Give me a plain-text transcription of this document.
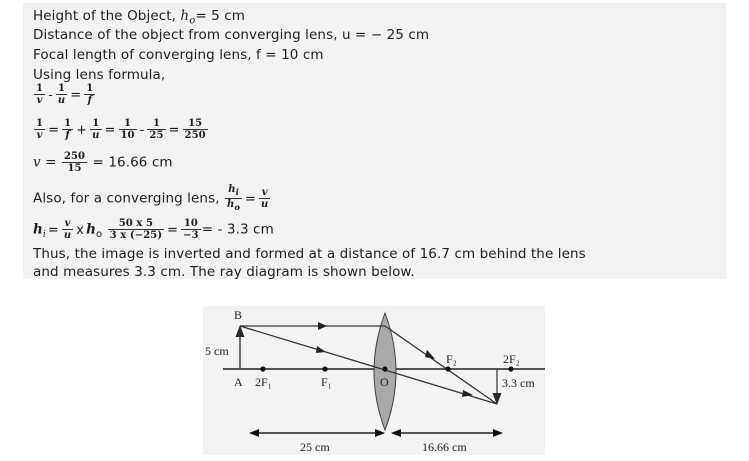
Height of the Object, $h_o= 5$ cm
Distance of the object from converging lens, u = − 25 cm
Focal length of converging lens, f = 10 cm
Using lens formula,
$\frac{1}{v} - \frac{1}{u} = \frac{1}{f}$
$\frac{1}{v} = \frac{1}{f} + \frac{1}{u} = \frac{1}{10} - \frac{1}{25} = \frac{15}{250}$
$v = \frac{250}{15} = 16.66$ cm
Also, for a converging lens, $\frac{h_i}{h_o} = \frac{v}{u}$
$h_i = \frac{v}{u}$ x $h_o \frac{50 x 5}{3 x (-25)} = \frac{10}{-3}$ = - 3.3 cm
Thus, the image is inverted and formed at a distance of 16.7 cm behind the lens
and measures 3.3 cm. The ray diagram is shown below.
B
A
5 cm
2F₁	F₁	O
F₂	2F₂
3.3 cm
25 cm	16.66 cm
